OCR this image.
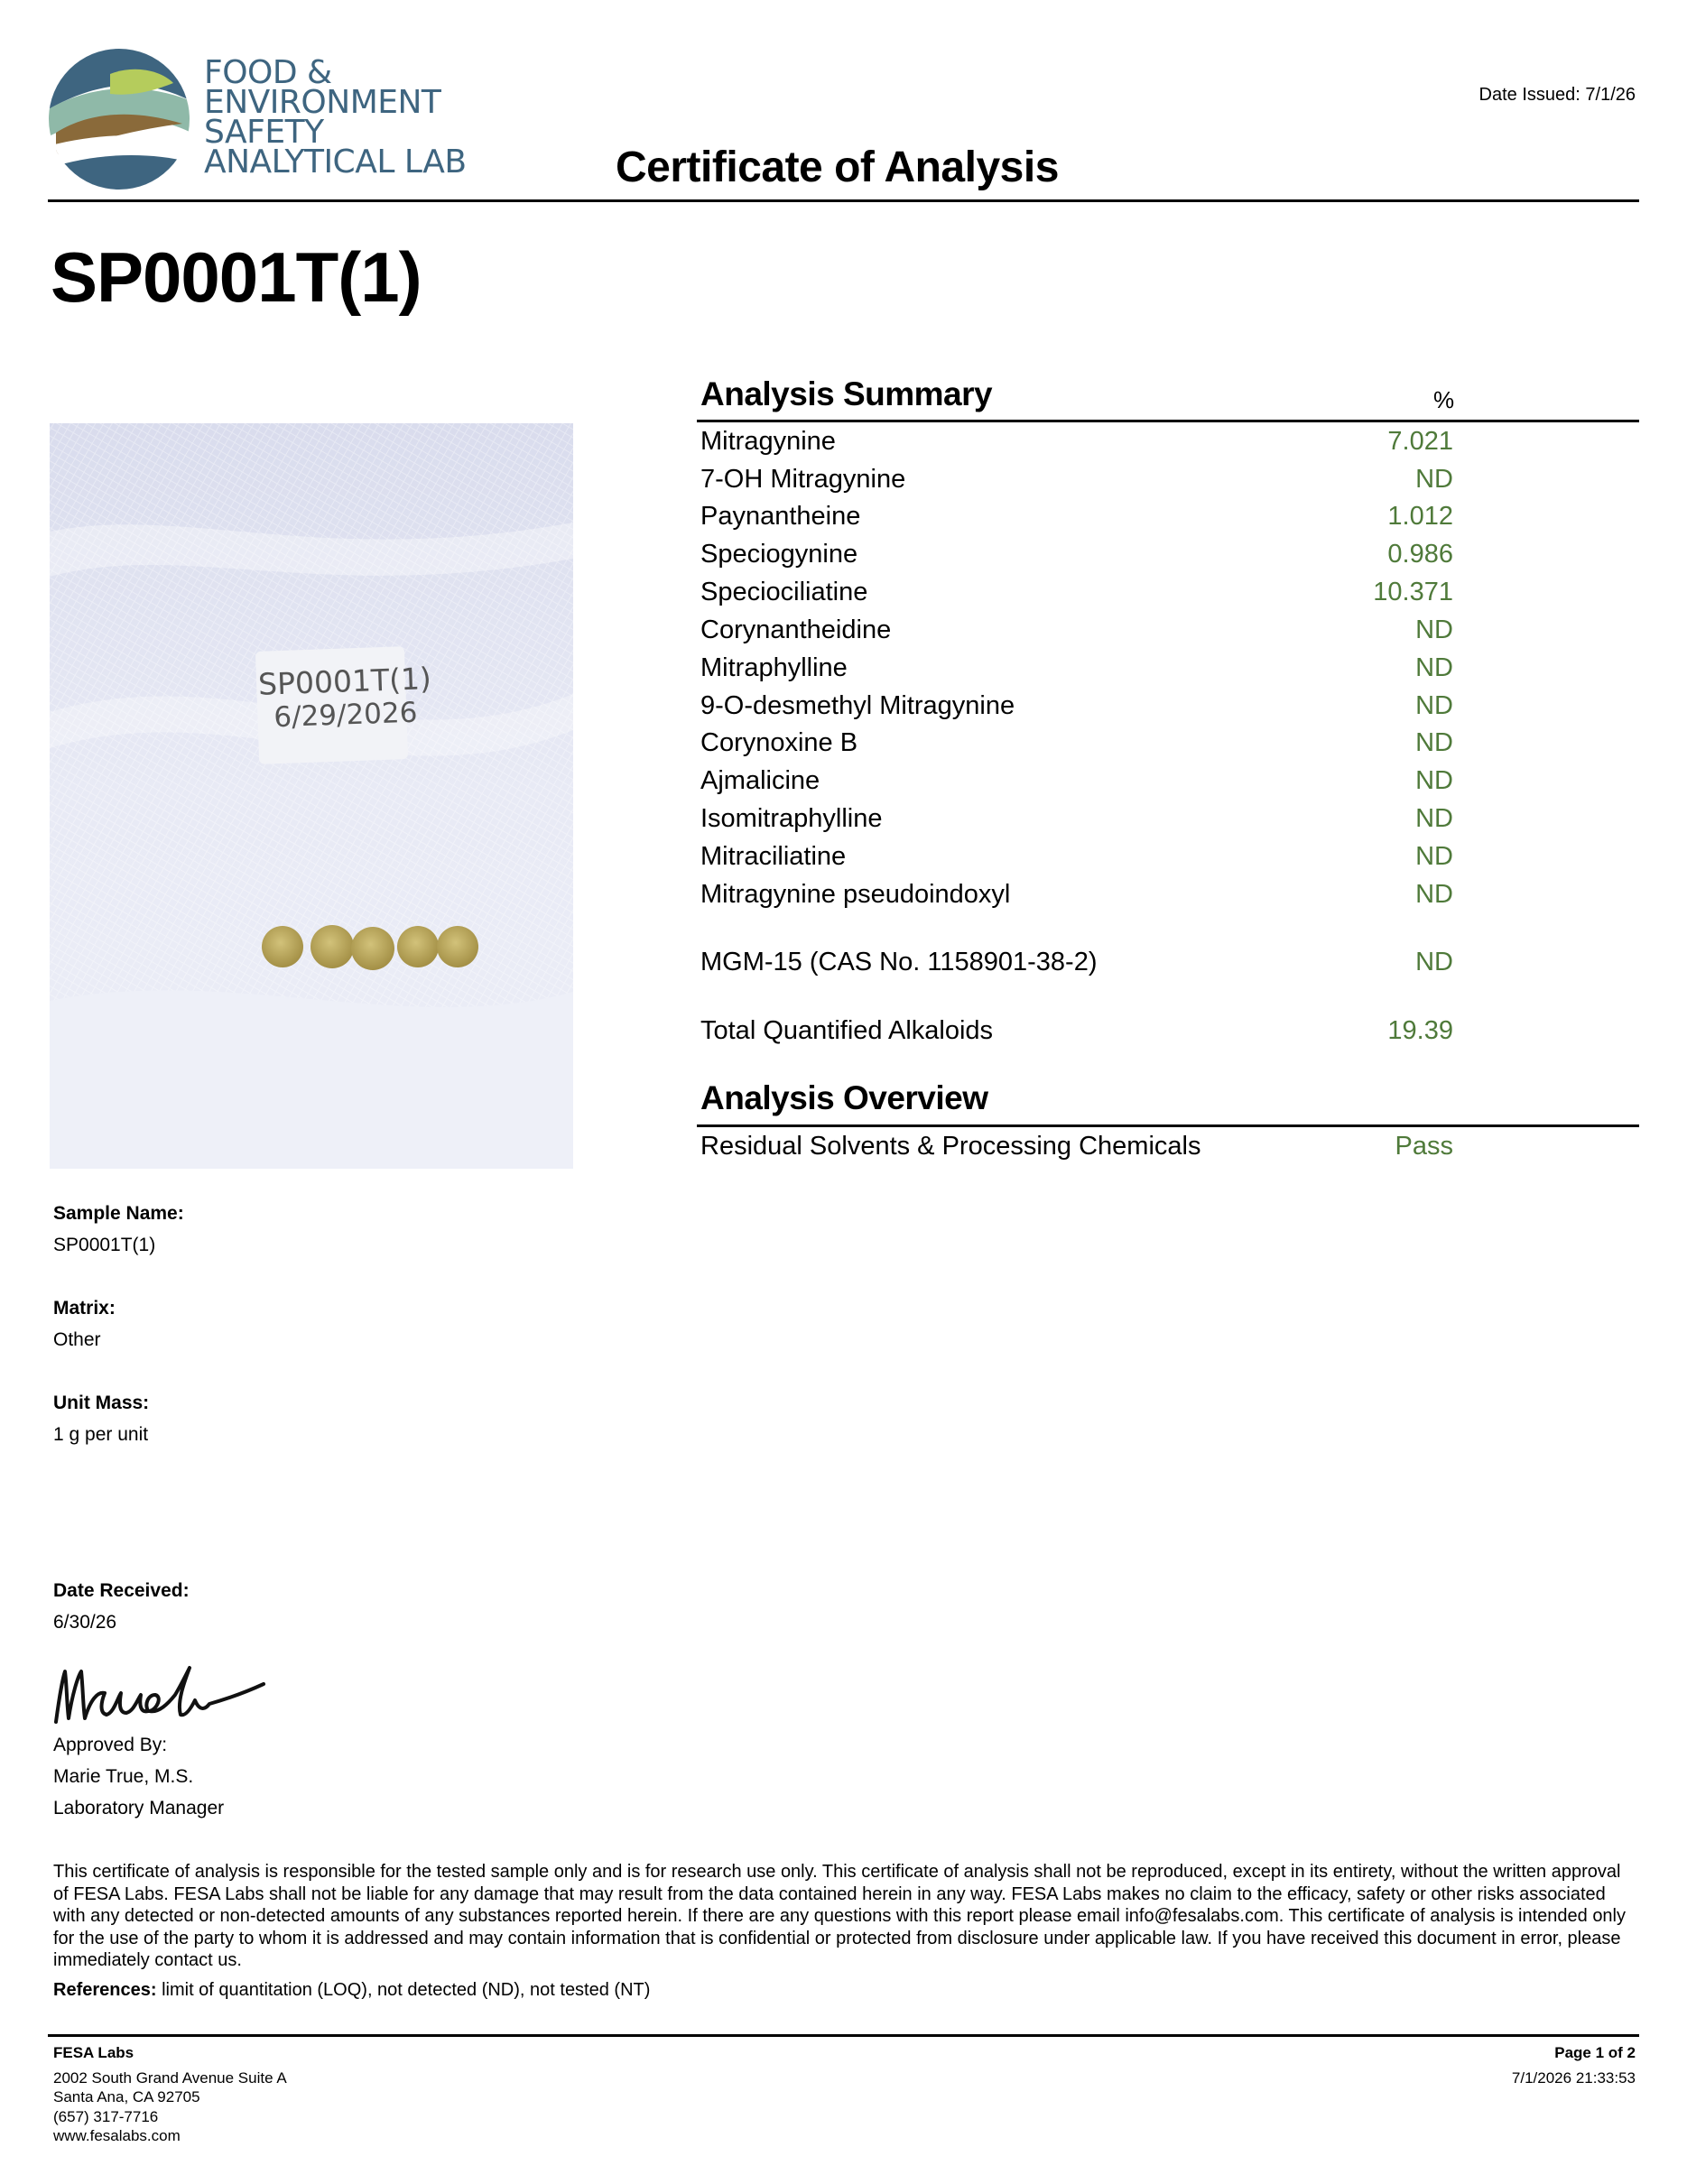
FOOD &
ENVIRONMENT
SAFETY
ANALYTICAL LAB
Date Issued: 7/1/26
Certificate of Analysis
SP0001T(1)
SP0001T(1)
6/29/2026
Sample Name:
SP0001T(1)
Matrix:
Other
Unit Mass:
1 g per unit
Date Received:
6/30/26
Analysis Summary	%
Mitragynine	7.021
7-OH Mitragynine	ND
Paynantheine	1.012
Speciogynine	0.986
Speciociliatine	10.371
Corynantheidine	ND
Mitraphylline	ND
9-O-desmethyl Mitragynine	ND
Corynoxine B	ND
Ajmalicine	ND
Isomitraphylline	ND
Mitraciliatine	ND
Mitragynine pseudoindoxyl	ND
MGM-15 (CAS No. 1158901-38-2)	ND
Total Quantified Alkaloids	19.39
Analysis Overview
Residual Solvents & Processing Chemicals	Pass
Approved By:
Marie True, M.S.
Laboratory Manager
This certificate of analysis is responsible for the tested sample only and is for research use only. This certificate of analysis shall not be reproduced, except in its entirety, without the written approval of FESA Labs. FESA Labs shall not be liable for any damage that may result from the data contained herein in any way. FESA Labs makes no claim to the efficacy, safety or other risks associated with any detected or non-detected amounts of any substances reported herein. If there are any questions with this report please email info@fesalabs.com. This certificate of analysis is intended only for the use of the party to whom it is addressed and may contain information that is confidential or protected from disclosure under applicable law. If you have received this document in error, please immediately contact us.
References: limit of quantitation (LOQ), not detected (ND), not tested (NT)
FESA Labs
2002 South Grand Avenue Suite A
Santa Ana, CA 92705
(657) 317-7716
www.fesalabs.com
Page 1 of 2
7/1/2026 21:33:53
